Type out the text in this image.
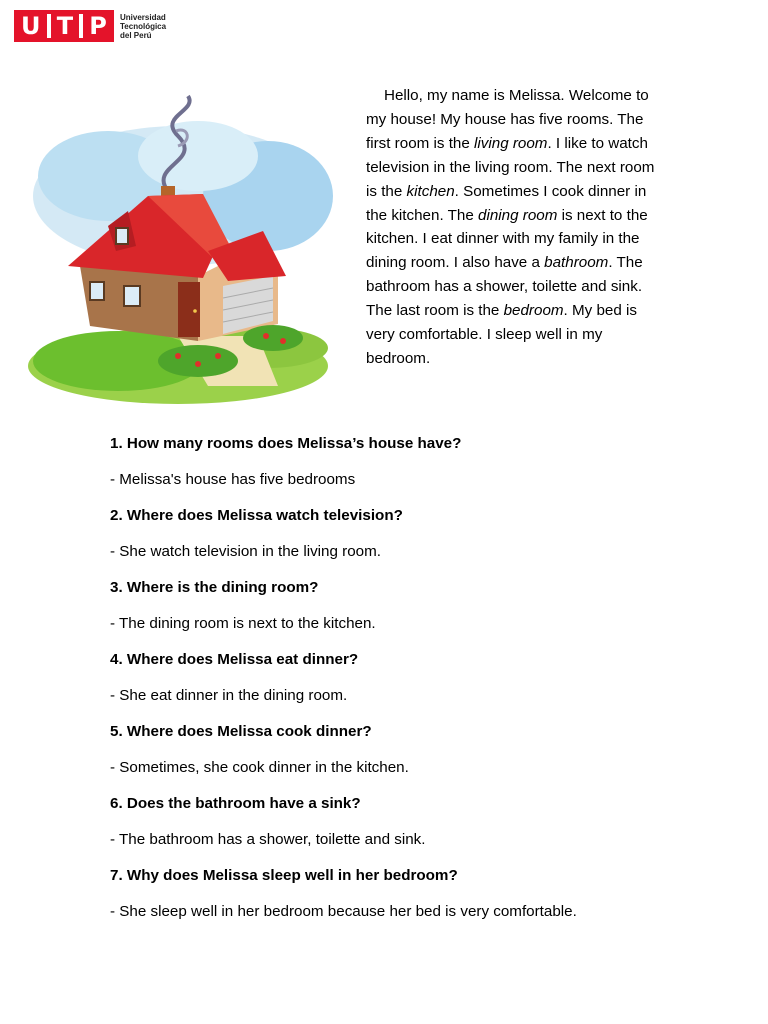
U T P Universidad
Tecnológica
del Perú

Hello, my name is Melissa. Welcome to my house! My house has five rooms. The first room is the living room. I like to watch television in the living room. The next room is the kitchen. Sometimes I cook dinner in the kitchen. The dining room is next to the kitchen. I eat dinner with my family in the dining room. I also have a bathroom. The bathroom has a shower, toilette and sink. The last room is the bedroom. My bed is very comfortable. I sleep well in my bedroom.

1. How many rooms does Melissa’s house have?
- Melissa's house has five bedrooms
2. Where does Melissa watch television?
- She watch television in the living room.
3. Where is the dining room?
- The dining room is next to the kitchen.
4. Where does Melissa eat dinner?
- She eat dinner in the dining room.
5. Where does Melissa cook dinner?
- Sometimes, she cook dinner in the kitchen.
6. Does the bathroom have a sink?
- The bathroom has a shower, toilette and sink.
7. Why does Melissa sleep well in her bedroom?
- She sleep well in her bedroom because her bed is very comfortable.
